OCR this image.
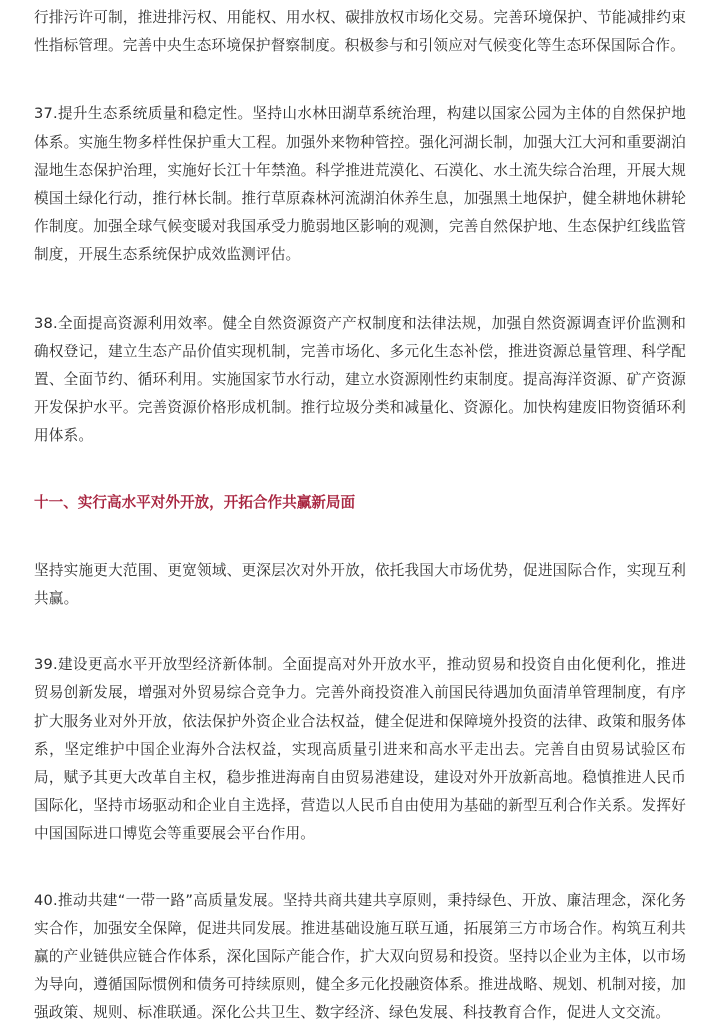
行排污许可制，推进排污权、用能权、用水权、碳排放权市场化交易。完善环境保护、节能减排约束性指标管理。完善中央生态环境保护督察制度。积极参与和引领应对气候变化等生态环保国际合作。

37.提升生态系统质量和稳定性。坚持山水林田湖草系统治理，构建以国家公园为主体的自然保护地体系。实施生物多样性保护重大工程。加强外来物种管控。强化河湖长制，加强大江大河和重要湖泊湿地生态保护治理，实施好长江十年禁渔。科学推进荒漠化、石漠化、水土流失综合治理，开展大规模国土绿化行动，推行林长制。推行草原森林河流湖泊休养生息，加强黑土地保护，健全耕地休耕轮作制度。加强全球气候变暖对我国承受力脆弱地区影响的观测，完善自然保护地、生态保护红线监管制度，开展生态系统保护成效监测评估。

38.全面提高资源利用效率。健全自然资源资产产权制度和法律法规，加强自然资源调查评价监测和确权登记，建立生态产品价值实现机制，完善市场化、多元化生态补偿，推进资源总量管理、科学配置、全面节约、循环利用。实施国家节水行动，建立水资源刚性约束制度。提高海洋资源、矿产资源开发保护水平。完善资源价格形成机制。推行垃圾分类和减量化、资源化。加快构建废旧物资循环利用体系。

十一、实行高水平对外开放，开拓合作共赢新局面

坚持实施更大范围、更宽领域、更深层次对外开放，依托我国大市场优势，促进国际合作，实现互利共赢。

39.建设更高水平开放型经济新体制。全面提高对外开放水平，推动贸易和投资自由化便利化，推进贸易创新发展，增强对外贸易综合竞争力。完善外商投资准入前国民待遇加负面清单管理制度，有序扩大服务业对外开放，依法保护外资企业合法权益，健全促进和保障境外投资的法律、政策和服务体系，坚定维护中国企业海外合法权益，实现高质量引进来和高水平走出去。完善自由贸易试验区布局，赋予其更大改革自主权，稳步推进海南自由贸易港建设，建设对外开放新高地。稳慎推进人民币国际化，坚持市场驱动和企业自主选择，营造以人民币自由使用为基础的新型互利合作关系。发挥好中国国际进口博览会等重要展会平台作用。

40.推动共建“一带一路”高质量发展。坚持共商共建共享原则，秉持绿色、开放、廉洁理念，深化务实合作，加强安全保障，促进共同发展。推进基础设施互联互通，拓展第三方市场合作。构筑互利共赢的产业链供应链合作体系，深化国际产能合作，扩大双向贸易和投资。坚持以企业为主体，以市场为导向，遵循国际惯例和债务可持续原则，健全多元化投融资体系。推进战略、规划、机制对接，加强政策、规则、标准联通。深化公共卫生、数字经济、绿色发展、科技教育合作，促进人文交流。
